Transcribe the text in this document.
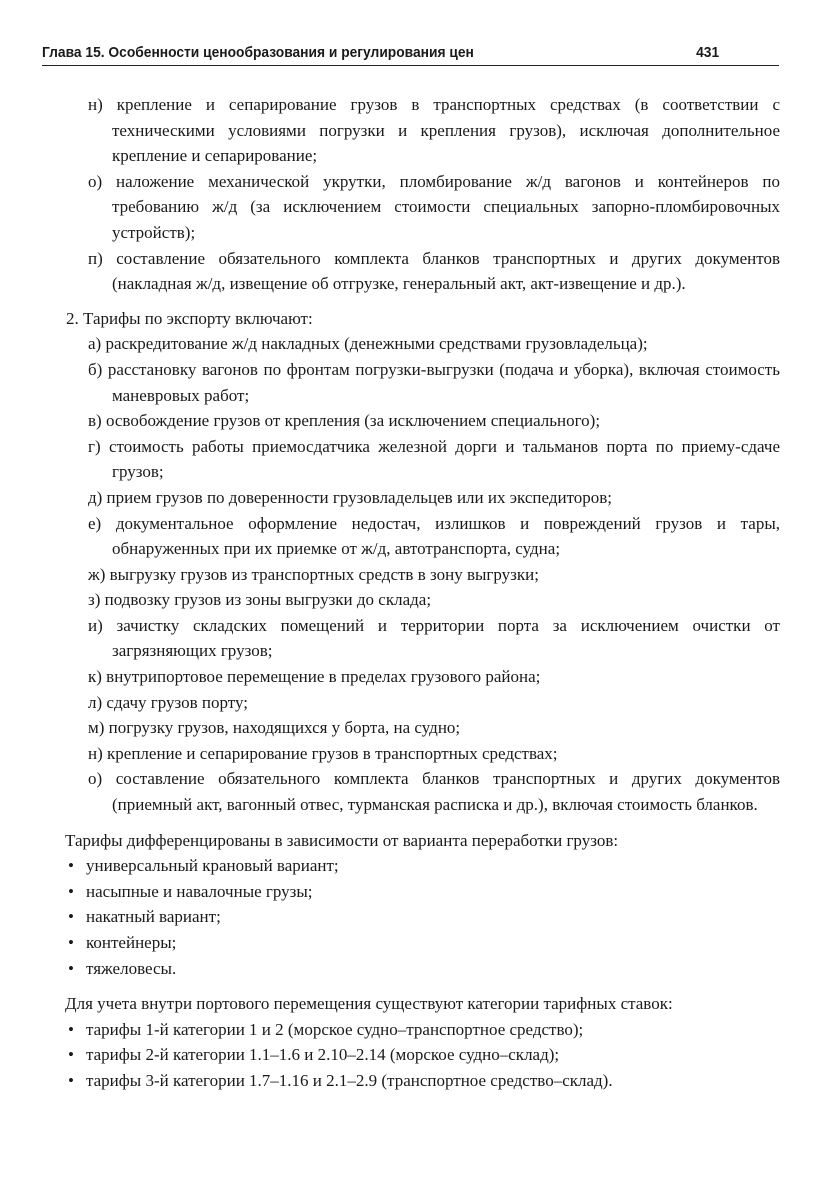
Глава 15. Особенности ценообразования и регулирования цен	431
н) крепление и сепарирование грузов в транспортных средствах (в соответствии с техническими условиями погрузки и крепления грузов), исключая дополнительное крепление и сепарирование;
о) наложение механической укрутки, пломбирование ж/д вагонов и контейнеров по требованию ж/д (за исключением стоимости специальных запорно-пломбировочных устройств);
п) составление обязательного комплекта бланков транспортных и других документов (накладная ж/д, извещение об отгрузке, генеральный акт, акт-извещение и др.).
2. Тарифы по экспорту включают:
а) раскредитование ж/д накладных (денежными средствами грузовладельца);
б) расстановку вагонов по фронтам погрузки-выгрузки (подача и уборка), включая стоимость маневровых работ;
в) освобождение грузов от крепления (за исключением специального);
г) стоимость работы приемосдатчика железной дорги и тальманов порта по приему-сдаче грузов;
д) прием грузов по доверенности грузовладельцев или их экспедиторов;
е) документальное оформление недостач, излишков и повреждений грузов и тары, обнаруженных при их приемке от ж/д, автотранспорта, судна;
ж) выгрузку грузов из транспортных средств в зону выгрузки;
з) подвозку грузов из зоны выгрузки до склада;
и) зачистку складских помещений и территории порта за исключением очистки от загрязняющих грузов;
к) внутрипортовое перемещение в пределах грузового района;
л) сдачу грузов порту;
м) погрузку грузов, находящихся у борта, на судно;
н) крепление и сепарирование грузов в транспортных средствах;
о) составление обязательного комплекта бланков транспортных и других документов (приемный акт, вагонный отвес, турманская расписка и др.), включая стоимость бланков.
Тарифы дифференцированы в зависимости от варианта переработки грузов:
• универсальный крановый вариант;
• насыпные и навалочные грузы;
• накатный вариант;
• контейнеры;
• тяжеловесы.
Для учета внутри портового перемещения существуют категории тарифных ставок:
• тарифы 1-й категории 1 и 2 (морское судно–транспортное средство);
• тарифы 2-й категории 1.1–1.6 и 2.10–2.14 (морское судно–склад);
• тарифы 3-й категории 1.7–1.16 и 2.1–2.9 (транспортное средство–склад).
